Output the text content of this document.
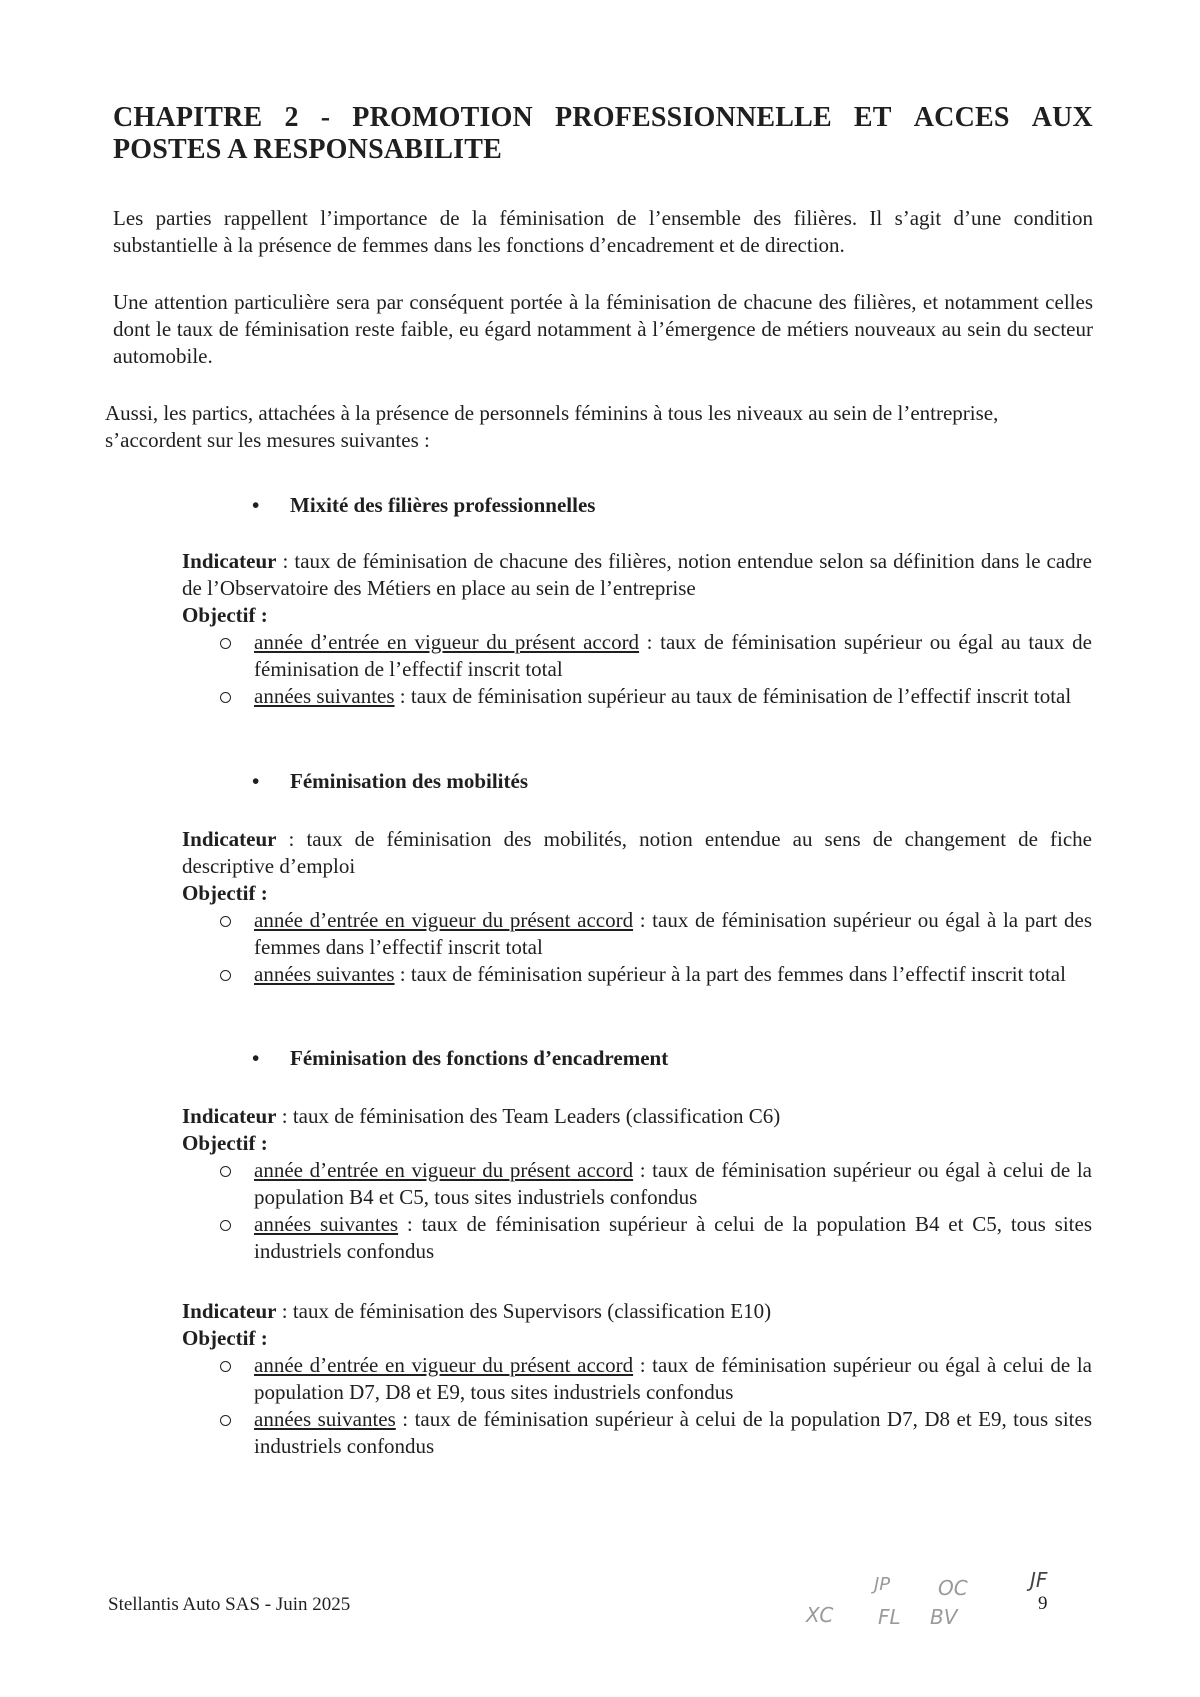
CHAPITRE 2 - PROMOTION PROFESSIONNELLE ET ACCES AUX
POSTES A RESPONSABILITE
Les parties rappellent l’importance de la féminisation de l’ensemble des filières. Il s’agit d’une condition substantielle à la présence de femmes dans les fonctions d’encadrement et de direction.
Une attention particulière sera par conséquent portée à la féminisation de chacune des filières, et notamment celles dont le taux de féminisation reste faible, eu égard notamment à l’émergence de métiers nouveaux au sein du secteur automobile.
Aussi, les partics, attachées à la présence de personnels féminins à tous les niveaux au sein de l’entreprise, s’accordent sur les mesures suivantes :
• Mixité des filières professionnelles
Indicateur : taux de féminisation de chacune des filières, notion entendue selon sa définition dans le cadre de l’Observatoire des Métiers en place au sein de l’entreprise
Objectif :
année d’entrée en vigueur du présent accord : taux de féminisation supérieur ou égal au taux de féminisation de l’effectif inscrit total
années suivantes : taux de féminisation supérieur au taux de féminisation de l’effectif inscrit total
• Féminisation des mobilités
Indicateur : taux de féminisation des mobilités, notion entendue au sens de changement de fiche descriptive d’emploi
Objectif :
année d’entrée en vigueur du présent accord : taux de féminisation supérieur ou égal à la part des femmes dans l’effectif inscrit total
années suivantes : taux de féminisation supérieur à la part des femmes dans l’effectif inscrit total
• Féminisation des fonctions d’encadrement
Indicateur : taux de féminisation des Team Leaders (classification C6)
Objectif :
année d’entrée en vigueur du présent accord : taux de féminisation supérieur ou égal à celui de la population B4 et C5, tous sites industriels confondus
années suivantes : taux de féminisation supérieur à celui de la population B4 et C5, tous sites industriels confondus
Indicateur : taux de féminisation des Supervisors (classification E10)
Objectif :
année d’entrée en vigueur du présent accord : taux de féminisation supérieur ou égal à celui de la population D7, D8 et E9, tous sites industriels confondus
années suivantes : taux de féminisation supérieur à celui de la population D7, D8 et E9, tous sites industriels confondus
Stellantis Auto SAS - Juin 2025	9
XC
JP OC
FL BV
JF
